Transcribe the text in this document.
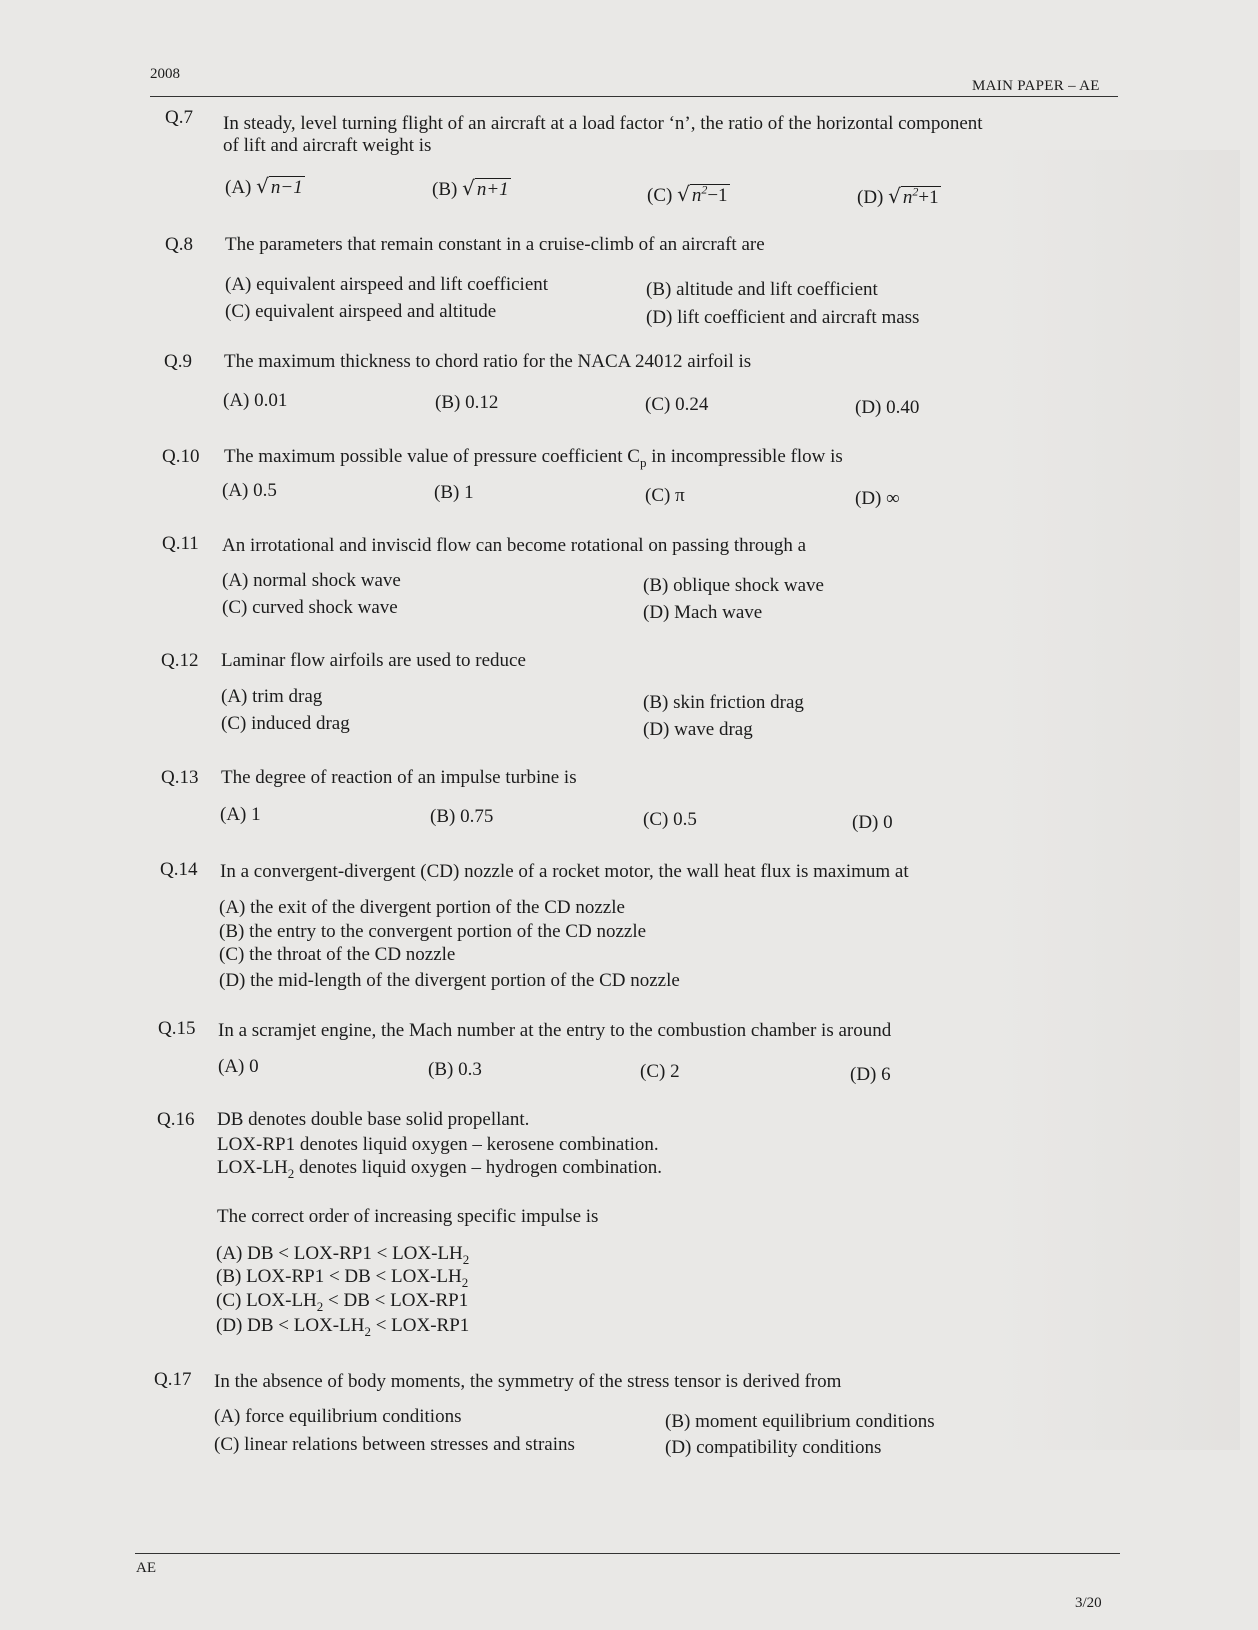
2008
MAIN PAPER – AE
Q.7 In steady, level turning flight of an aircraft at a load factor ‘n’, the ratio of the horizontal component
of lift and aircraft weight is
(A) √ n−1	(B) √ n+1	(C) √ $n^2-1$	(D) √ $n^2+1$
Q.8 The parameters that remain constant in a cruise-climb of an aircraft are
(A) equivalent airspeed and lift coefficient	(B) altitude and lift coefficient
(C) equivalent airspeed and altitude	(D) lift coefficient and aircraft mass
Q.9 The maximum thickness to chord ratio for the NACA 24012 airfoil is
(A) 0.01	(B) 0.12	(C) 0.24	(D) 0.40
Q.10 The maximum possible value of pressure coefficient $C_p$ in incompressible flow is
(A) 0.5	(B) 1	(C) π	(D) ∞
Q.11 An irrotational and inviscid flow can become rotational on passing through a
(A) normal shock wave	(B) oblique shock wave
(C) curved shock wave	(D) Mach wave
Q.12 Laminar flow airfoils are used to reduce
(A) trim drag	(B) skin friction drag
(C) induced drag	(D) wave drag
Q.13 The degree of reaction of an impulse turbine is
(A) 1	(B) 0.75	(C) 0.5	(D) 0
Q.14 In a convergent-divergent (CD) nozzle of a rocket motor, the wall heat flux is maximum at
(A) the exit of the divergent portion of the CD nozzle
(B) the entry to the convergent portion of the CD nozzle
(C) the throat of the CD nozzle
(D) the mid-length of the divergent portion of the CD nozzle
Q.15 In a scramjet engine, the Mach number at the entry to the combustion chamber is around
(A) 0	(B) 0.3	(C) 2	(D) 6
Q.16 DB denotes double base solid propellant.
LOX-RP1 denotes liquid oxygen – kerosene combination.
LOX-$LH_2$ denotes liquid oxygen – hydrogen combination.
The correct order of increasing specific impulse is
(A) DB < LOX-RP1 < LOX-$LH_2$
(B) LOX-RP1 < DB < LOX-$LH_2$
(C) LOX-$LH_2$ < DB < LOX-RP1
(D) DB < LOX-$LH_2 < LOX-RP1$
Q.17 In the absence of body moments, the symmetry of the stress tensor is derived from
(A) force equilibrium conditions	(B) moment equilibrium conditions
(C) linear relations between stresses and strains	(D) compatibility conditions
AE
3/20
